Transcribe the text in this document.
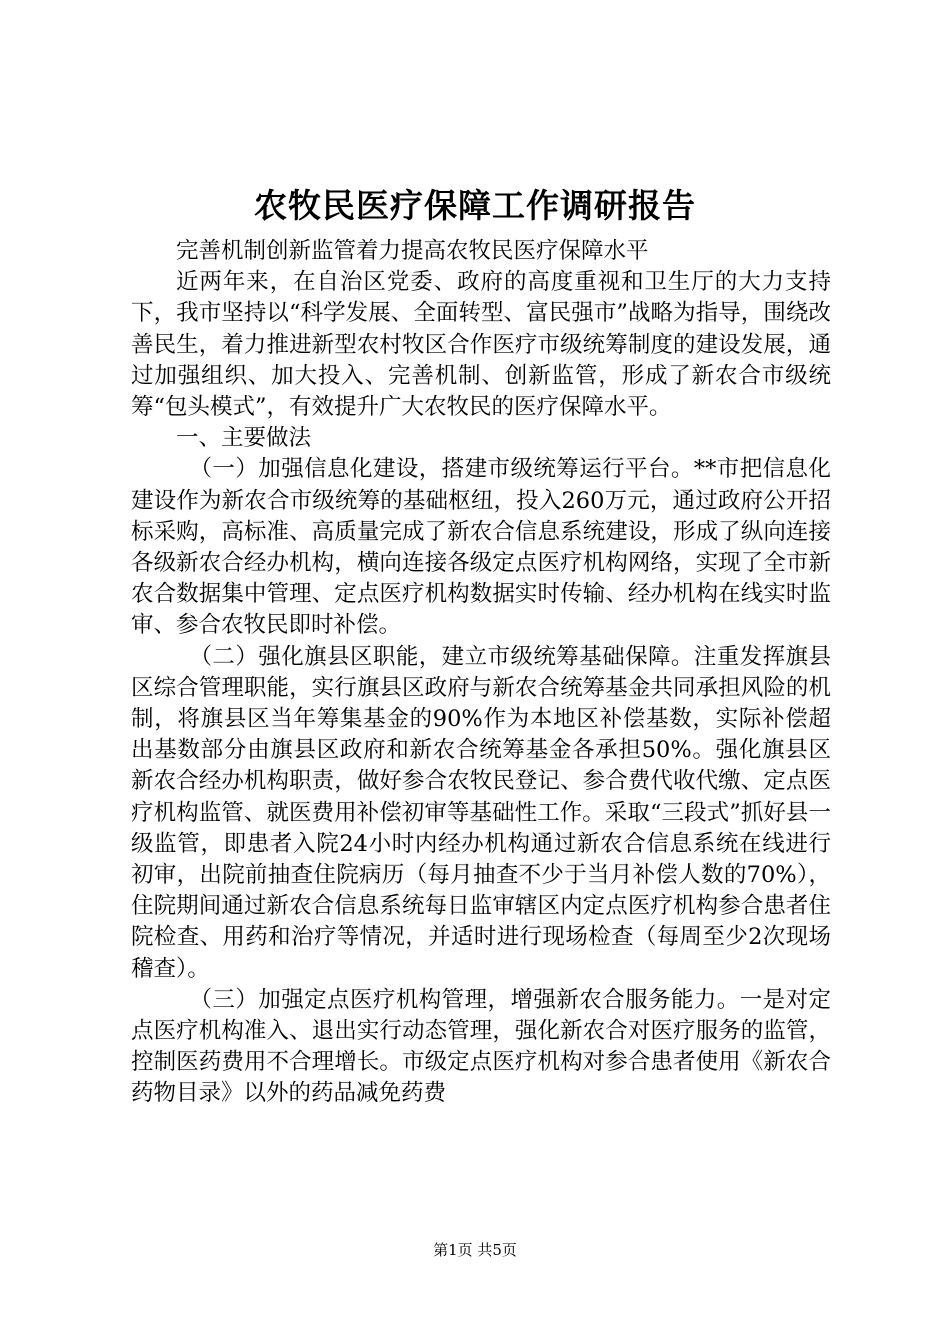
农牧民医疗保障工作调研报告

完善机制创新监管着力提高农牧民医疗保障水平

近两年来，在自治区党委、政府的高度重视和卫生厅的大力支持下，我市坚持以“科学发展、全面转型、富民强市”战略为指导，围绕改善民生，着力推进新型农村牧区合作医疗市级统筹制度的建设发展，通过加强组织、加大投入、完善机制、创新监管，形成了新农合市级统筹“包头模式”，有效提升广大农牧民的医疗保障水平。

一、主要做法

（一）加强信息化建设，搭建市级统筹运行平台。**市把信息化建设作为新农合市级统筹的基础枢纽，投入260万元，通过政府公开招标采购，高标准、高质量完成了新农合信息系统建设，形成了纵向连接各级新农合经办机构，横向连接各级定点医疗机构网络，实现了全市新农合数据集中管理、定点医疗机构数据实时传输、经办机构在线实时监审、参合农牧民即时补偿。

（二）强化旗县区职能，建立市级统筹基础保障。注重发挥旗县区综合管理职能，实行旗县区政府与新农合统筹基金共同承担风险的机制，将旗县区当年筹集基金的90%作为本地区补偿基数，实际补偿超出基数部分由旗县区政府和新农合统筹基金各承担50%。强化旗县区新农合经办机构职责，做好参合农牧民登记、参合费代收代缴、定点医疗机构监管、就医费用补偿初审等基础性工作。采取“三段式”抓好县一级监管，即患者入院24小时内经办机构通过新农合信息系统在线进行初审，出院前抽查住院病历（每月抽查不少于当月补偿人数的70%），住院期间通过新农合信息系统每日监审辖区内定点医疗机构参合患者住院检查、用药和治疗等情况，并适时进行现场检查（每周至少2次现场稽查）。

（三）加强定点医疗机构管理，增强新农合服务能力。一是对定点医疗机构准入、退出实行动态管理，强化新农合对医疗服务的监管，控制医药费用不合理增长。市级定点医疗机构对参合患者使用《新农合药物目录》以外的药品减免药费

第1页 共5页
